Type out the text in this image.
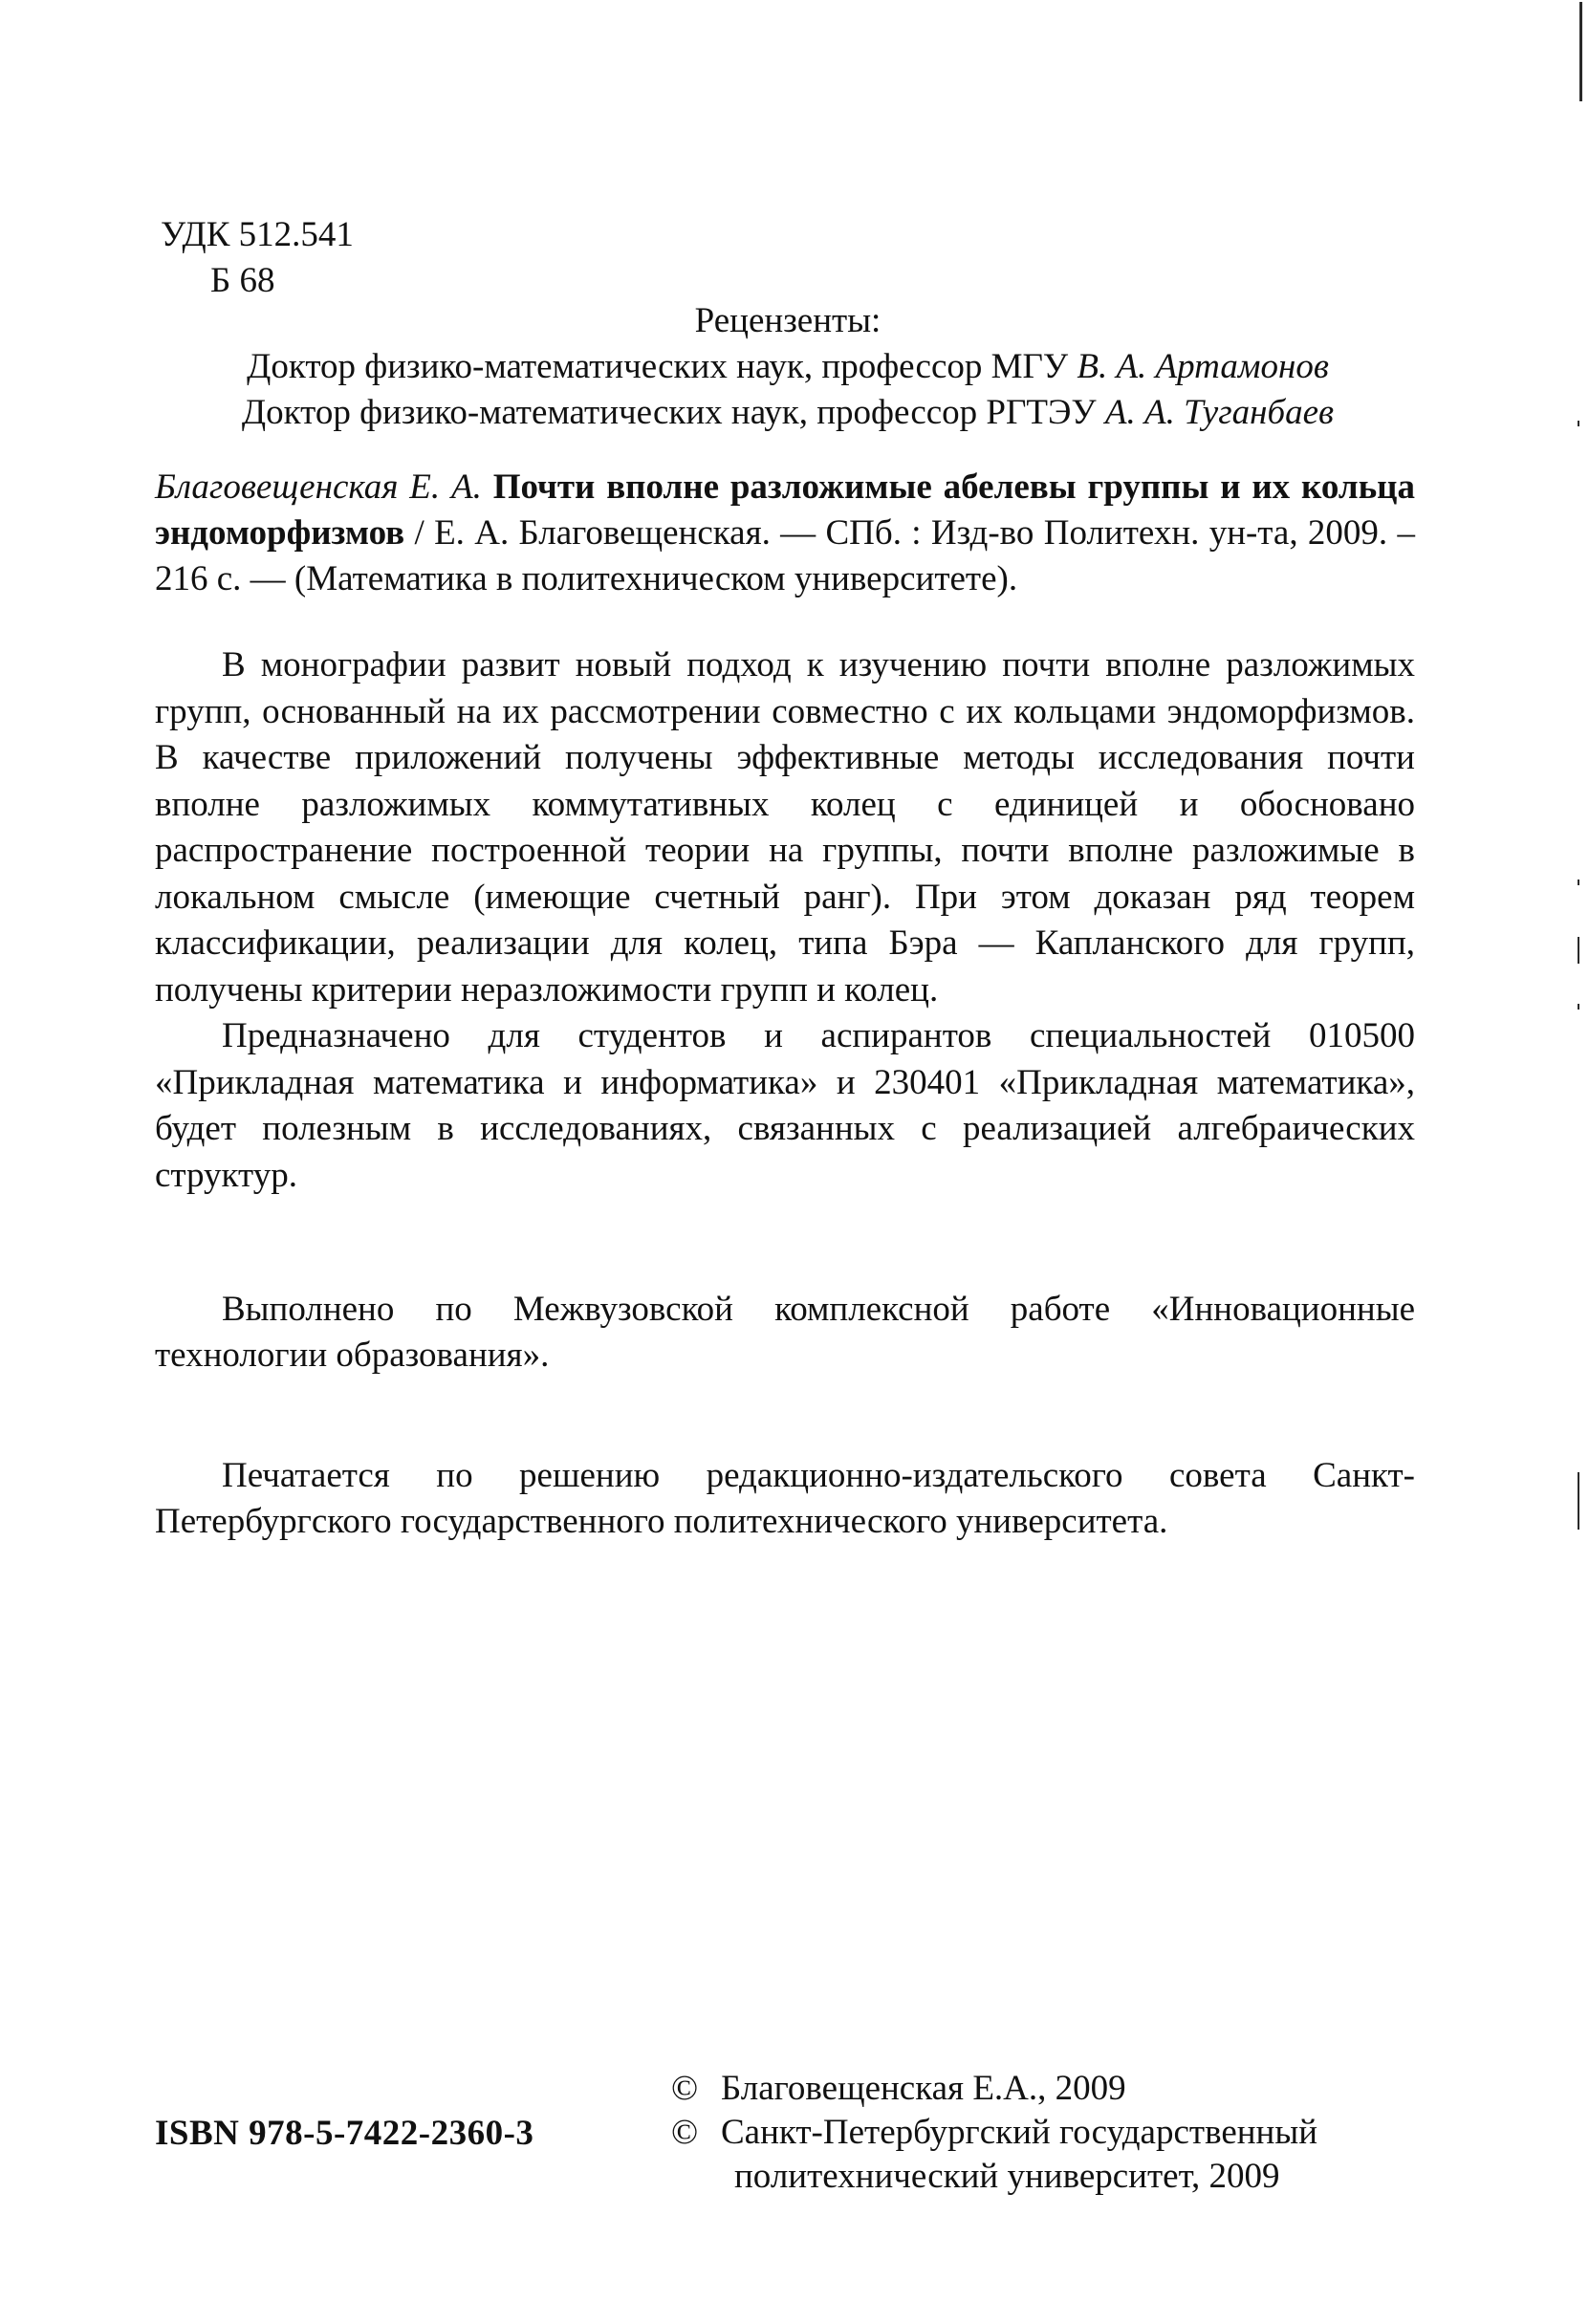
УДК 512.541
Б 68
Рецензенты:
Доктор физико-математических наук, профессор МГУ В. А. Артамонов
Доктор физико-математических наук, профессор РГТЭУ А. А. Туганбаев
Благовещенская Е. А. Почти вполне разложимые абелевы группы и их кольца эндоморфизмов / Е. А. Благовещенская. — СПб. : Изд-во Политехн. ун-та, 2009. – 216 с. — (Математика в политехническом университете).

В монографии развит новый подход к изучению почти вполне разложимых групп, основанный на их рассмотрении совместно с их кольцами эндоморфизмов. В качестве приложений получены эффективные методы исследования почти вполне разложимых коммутативных колец с единицей и обосновано распространение построенной теории на группы, почти вполне разложимые в локальном смысле (имеющие счетный ранг). При этом доказан ряд теорем классификации, реализации для колец, типа Бэра — Капланского для групп, получены критерии неразложимости групп и колец.

Предназначено для студентов и аспирантов специальностей 010500 «Прикладная математика и информатика» и 230401 «Прикладная математика», будет полезным в исследованиях, связанных с реализацией алгебраических структур.

Выполнено по Межвузовской комплексной работе «Инновационные технологии образования».

Печатается по решению редакционно-издательского совета Санкт-Петербургского государственного политехнического университета.

© Благовещенская Е.А., 2009
© Санкт-Петербургский государственный
политехнический университет, 2009
ISBN 978-5-7422-2360-3
